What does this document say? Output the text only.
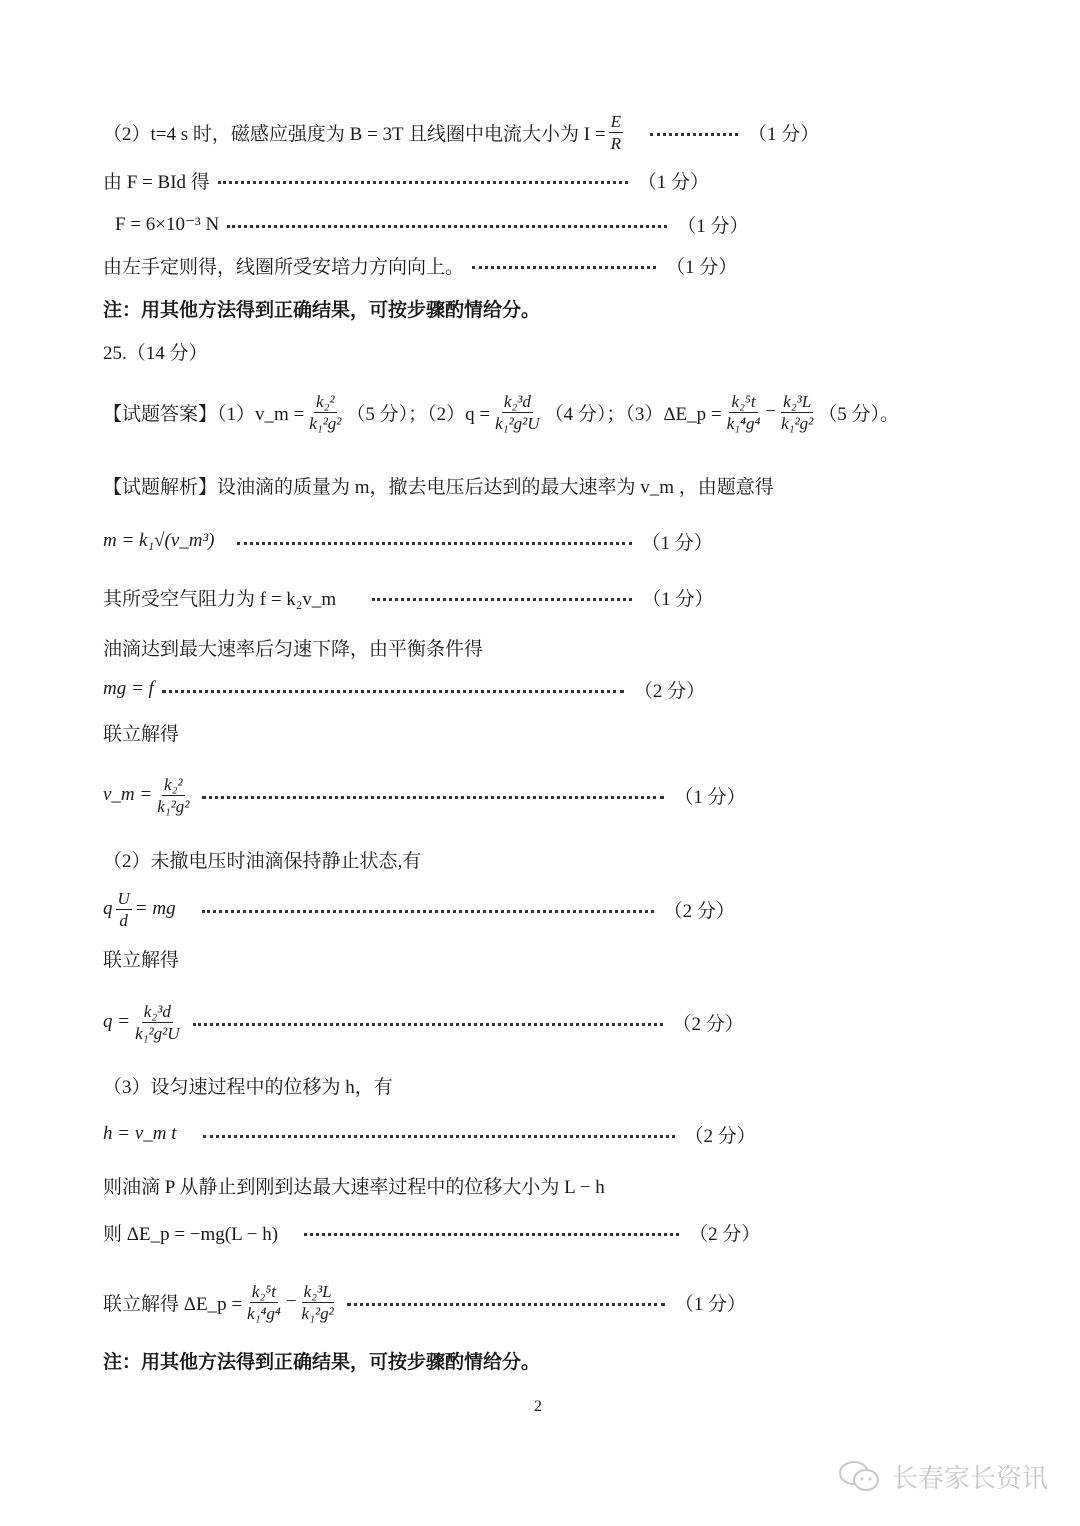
（2）t=4 s 时，磁感应强度为 B = 3T 且线圈中电流大小为 $I = \frac{E}{R}$	（1 分）
由 F = BId 得	（1 分）
F = 6×10⁻³ N	（1 分）
由左手定则得，线圈所受安培力方向向上。	（1 分）
注：用其他方法得到正确结果，可按步骤酌情给分。
25.（14 分）
【试题答案】（1）v_m = $\frac{\text{k₂²}}{\text{k₁²g²}} (5$ 分）；$(2)q = \frac{\text{k₂³d}}{\text{k₁²g²U}} (4$ 分）；（3）ΔE_p = $\frac{\text{k₂⁵t}}{\text{k₁⁴g⁴}} - \frac{\text{k₂³L}}{\text{k₁²g²}} (5$ 分）。
【试题解析】设油滴的质量为 m，撤去电压后达到的最大速率为 v_m ，由题意得
m = k₁√(v_m³)	（1 分）
其所受空气阻力为 f = k₂v_m	（1 分）
油滴达到最大速率后匀速下降，由平衡条件得
mg = f	（2 分）
联立解得
v_m = $\frac{\text{k₂²}}{\text{k₁²g²}}$	（1 分）
（2）未撤电压时油滴保持静止状态,有
q $\frac{U}{d}$ = mg	（2 分）
联立解得
$q = \frac{\text{k₂³d}}{\text{k₁²g²U}}$	（2 分）
（3）设匀速过程中的位移为 h，有
h = v_m t	（2 分）
则油滴 P 从静止到刚到达最大速率过程中的位移大小为 L − h
则 ΔE_p = −mg(L − h)	（2 分）
联立解得 ΔE_p = $\frac{\text{k₂⁵t}}{\text{k₁⁴g⁴}} - \frac{\text{k₂³L}}{\text{k₁²g²}}$	（1 分）
注：用其他方法得到正确结果，可按步骤酌情给分。
2
长春家长资讯
